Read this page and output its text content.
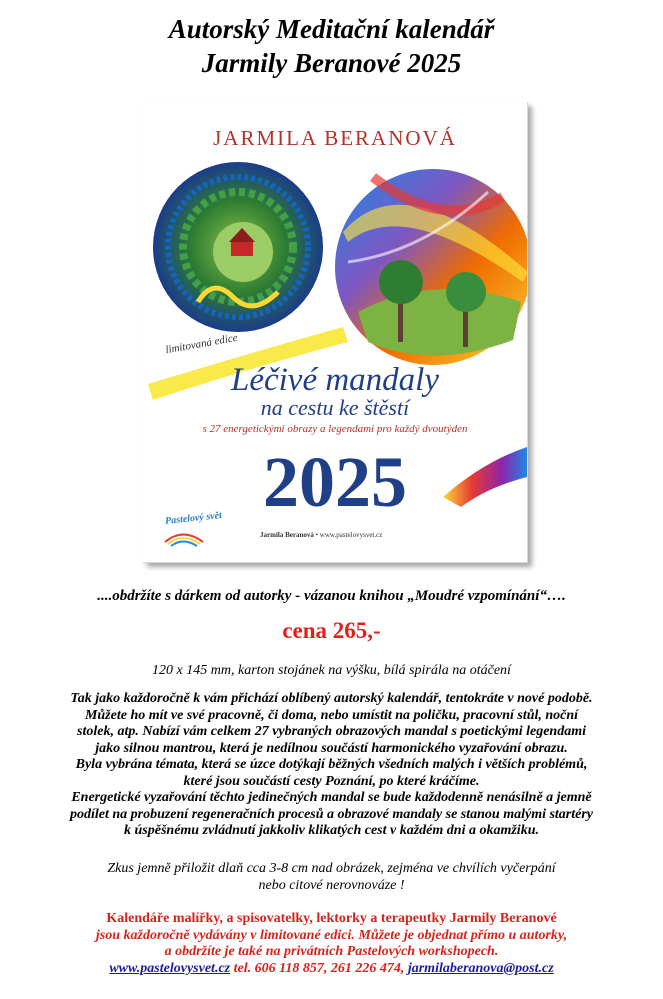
Autorský Meditační kalendář
Jarmily Beranové 2025
JARMILA BERANOVÁ
limitovaná edice
Léčivé mandaly
na cestu ke štěstí
s 27 energetickými obrazy a legendami pro každý dvoutýden
2025
Pastelový svět
Jarmila Beranová • www.pastelovysvet.cz
....obdržíte s dárkem od autorky - vázanou knihou „Moudré vzpomínání“….
cena 265,-
120 x 145 mm, karton stojánek na výšku, bílá spirála na otáčení
Tak jako každoročně k vám přichází oblíbený autorský kalendář, tentokráte v nové podobě.
Můžete ho mít ve své pracovně, či doma, nebo umístit na poličku, pracovní stůl, noční
stolek, atp. Nabízí vám celkem 27 vybraných obrazových mandal s poetickými legendami
jako silnou mantrou, která je nedílnou součástí harmonického vyzařování obrazu.
Byla vybrána témata, která se úzce dotýkají běžných všedních malých i větších problémů,
které jsou součástí cesty Poznání, po které kráčíme.
Energetické vyzařování těchto jedinečných mandal se bude každodenně nenásilně a jemně
podílet na probuzení regeneračních procesů a obrazové mandaly se stanou malými startéry
k úspěšnému zvládnutí jakkoliv klikatých cest v každém dni a okamžiku.
Zkus jemně přiložit dlaň cca 3-8 cm nad obrázek, zejména ve chvílích vyčerpání
nebo citové nerovnováze !
Kalendáře malířky, a spisovatelky, lektorky a terapeutky Jarmily Beranové
jsou každoročně vydávány v limitované edici. Můžete je objednat přímo u autorky,
a obdržíte je také na privátních Pastelových workshopech.
www.pastelovysvet.cz tel. 606 118 857, 261 226 474, jarmilaberanova@post.cz
